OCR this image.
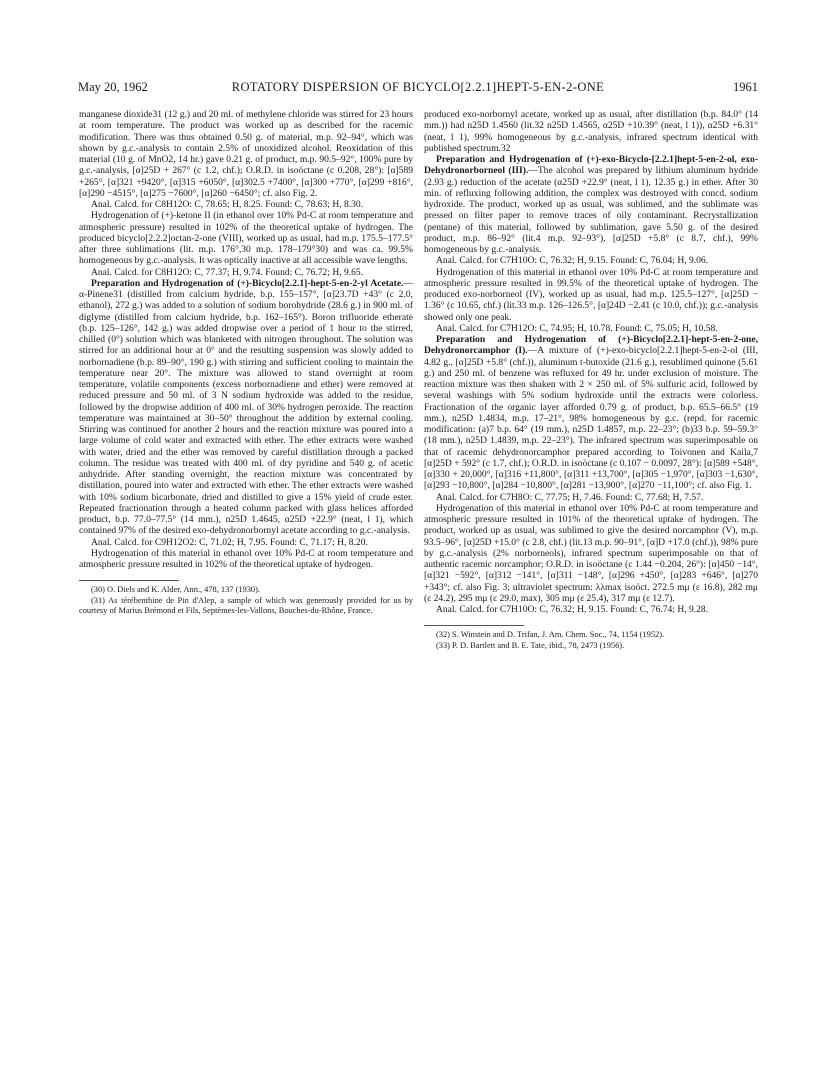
May 20, 1962	ROTATORY DISPERSION OF BICYCLO[2.2.1]HEPT-5-EN-2-ONE	1961

manganese dioxide31 (12 g.) and 20 ml. of methylene chloride was stirred for 23 hours at room temperature. The product was worked up as described for the racemic modification. There was thus obtained 0.50 g. of material, m.p. 92–94°, which was shown by g.c.-analysis to contain 2.5% of unoxidized alcohol. Reoxidation of this material (10 g. of MnO2, 14 hr.) gave 0.21 g. of product, m.p. 90.5–92°, 100% pure by g.c.-analysis, [α]25D + 267° (c 1.2, chf.); O.R.D. in isoöctane (c 0.208, 28°): [α]589 +265°, [α]321 +9420°, [α]315 +6050°, [α]302.5 +7400°, [α]300 +770°, [α]299 +816°, [α]290 −4515°, [α]275 −7600°, [α]260 −6450°; cf. also Fig. 2.

Anal. Calcd. for C8H12O: C, 78.65; H, 8.25. Found: C, 78.63; H, 8.30.

Hydrogenation of (+)-ketone II (in ethanol over 10% Pd-C at room temperature and atmospheric pressure) resulted in 102% of the theoretical uptake of hydrogen. The produced bicyclo[2.2.2]octan-2-one (VIII), worked up as usual, had m.p. 175.5–177.5° after three sublimations (lit. m.p. 176°,30 m.p. 178–179°30) and was ca. 99.5% homogeneous by g.c.-analysis. It was optically inactive at all accessible wave lengths.

Anal. Calcd. for C8H12O: C, 77.37; H, 9.74. Found: C, 76.72; H, 9.65.

Preparation and Hydrogenation of (+)-Bicyclo[2.2.1]-hept-5-en-2-yl Acetate.—α-Pinene31 (distilled from calcium hydride, b.p. 155–157°, [α]23.7D +43° (c 2.0, ethanol), 272 g.) was added to a solution of sodium borohydride (28.6 g.) in 900 ml. of diglyme (distilled from calcium hydride, b.p. 162–165°). Boron trifluoride etherate (b.p. 125–126°, 142 g.) was added dropwise over a period of 1 hour to the stirred, chilled (0°) solution which was blanketed with nitrogen throughout. The solution was stirred for an additional hour at 0° and the resulting suspension was slowly added to norbornadiene (b.p. 89–90°, 190 g.) with stirring and sufficient cooling to maintain the temperature near 20°. The mixture was allowed to stand overnight at room temperature, volatile components (excess norbornadiene and ether) were removed at reduced pressure and 50 ml. of 3 N sodium hydroxide was added to the residue, followed by the dropwise addition of 400 ml. of 30% hydrogen peroxide. The reaction temperature was maintained at 30–50° throughout the addition by external cooling. Stirring was continued for another 2 hours and the reaction mixture was poured into a large volume of cold water and extracted with ether. The ether extracts were washed with water, dried and the ether was removed by careful distillation through a packed column. The residue was treated with 400 ml. of dry pyridine and 540 g. of acetic anhydride. After standing overnight, the reaction mixture was concentrated by distillation, poured into water and extracted with ether. The ether extracts were washed with 10% sodium bicarbonate, dried and distilled to give a 15% yield of crude ester. Repeated fractionation through a heated column packed with glass helices afforded product, b.p. 77.0–77.5° (14 mm.), n25D 1.4645, α25D +22.9° (neat, l 1), which contained 97% of the desired exo-dehydronorbornyl acetate according to g.c.-analysis.

Anal. Calcd. for C9H12O2: C, 71.02; H, 7.95. Found: C, 71.17; H, 8.20.

Hydrogenation of this material in ethanol over 10% Pd-C at room temperature and atmospheric pressure resulted in 102% of the theoretical uptake of hydrogen.

(30) O. Diels and K. Alder, Ann., 478, 137 (1930).

(31) As térébenthine de Pin d'Alep, a sample of which was generously provided for us by courtesy of Marius Brémond et Fils, Septèmes-les-Vallons, Bouches-du-Rhône, France.

produced exo-norbornyl acetate, worked up as usual, after distillation (b.p. 84.0° (14 mm.)) had n25D 1.4560 (lit.32 n25D 1.4565, α25D +10.39° (neat, l 1)), α25D +6.31° (neat, l 1), 99% homogeneous by g.c.-analysis, infrared spectrum identical with published spectrum.32

Preparation and Hydrogenation of (+)-exo-Bicyclo-[2.2.1]hept-5-en-2-ol, exo-Dehydronorborneol (III).—The alcohol was prepared by lithium aluminum hydride (2.93 g.) reduction of the acetate (α25D +22.9° (neat, l 1), 12.35 g.) in ether. After 30 min. of refluxing following addition, the complex was destroyed with concd. sodium hydroxide. The product, worked up as usual, was sublimed, and the sublimate was pressed on filter paper to remove traces of oily contaminant. Recrystallization (pentane) of this material, followed by sublimation, gave 5.50 g. of the desired product, m.p. 86–92° (lit.4 m.p. 92–93°), [α]25D +5.8° (c 8.7, chf.), 99% homogeneous by g.c.-analysis.

Anal. Calcd. for C7H10O: C, 76.32; H, 9.15. Found: C, 76.04; H, 9.06.

Hydrogenation of this material in ethanol over 10% Pd-C at room temperature and atmospheric pressure resulted in 99.5% of the theoretical uptake of hydrogen. The produced exo-norborneol (IV), worked up as usual, had m.p. 125.5–127°, [α]25D − 1.36° (c 10.65, chf.) (lit.33 m.p. 126–126.5°, [α]24D −2.41 (c 10.0, chf.)); g.c.-analysis showed only one peak.

Anal. Calcd. for C7H12O: C, 74.95; H, 10.78. Found: C, 75.05; H, 10.58.

Preparation and Hydrogenation of (+)-Bicyclo[2.2.1]-hept-5-en-2-one, Dehydronorcamphor (I).—A mixture of (+)-exo-bicyclo[2.2.1]hept-5-en-2-ol (III, 4.82 g., [α]25D +5.8° (chf.)), aluminum t-butoxide (21.6 g.), resublimed quinone (5.61 g.) and 250 ml. of benzene was refluxed for 49 hr. under exclusion of moisture. The reaction mixture was then shaken with 2 × 250 ml. of 5% sulfuric acid, followed by several washings with 5% sodium hydroxide until the extracts were colorless. Fractionation of the organic layer afforded 0.79 g. of product, b.p. 65.5–66.5° (19 mm.), n25D 1.4834, m.p. 17–21°, 98% homogeneous by g.c. (repd. for racemic modification: (a)7 b.p. 64° (19 mm.), n25D 1.4857, m.p. 22–23°; (b)33 b.p. 59–59.3° (18 mm.), n25D 1.4839, m.p. 22–23°). The infrared spectrum was superimposable on that of racemic dehydronorcamphor prepared according to Toivonen and Kaila,7 [α]25D + 592° (c 1.7, chf.); O.R.D. in isoöctane (c 0.107 − 0.0097, 28°): [α]589 +548°, [α]330 + 20,000°, [α]316 +11,800°, [α]311 +13,700°, [α]305 −1,970°, [α]303 −1,630°, [α]293 −10,800°, [α]284 −10,800°, [α]281 −13,900°, [α]270 −11,100°; cf. also Fig. 1.

Anal. Calcd. for C7H8O: C, 77.75; H, 7.46. Found: C, 77.68; H, 7.57.

Hydrogenation of this material in ethanol over 10% Pd-C at room temperature and atmospheric pressure resulted in 101% of the theoretical uptake of hydrogen. The product, worked up as usual, was sublimed to give the desired norcamphor (V), m.p. 93.5–96°, [α]25D +15.0° (c 2.8, chf.) (lit.13 m.p. 90–91°, [α]D +17.0 (chf.)), 98% pure by g.c.-analysis (2% norborneols), infrared spectrum superimposable on that of authentic racemic norcamphor; O.R.D. in isoöctane (c 1.44 −0.204, 26°): [α]450 −14°, [α]321 −592°, [α]312 −141°, [α]311 −148°, [α]296 +450°, [α]283 +646°, [α]270 +343°; cf. also Fig. 3; ultraviolet spectrum: λλmax isoöct. 272.5 mμ (ε 16.8), 282 mμ (ε 24.2), 295 mμ (ε 29.0, max), 305 mμ (ε 25.4), 317 mμ (ε 12.7).

Anal. Calcd. for C7H10O: C, 76.32; H, 9.15. Found: C, 76.74; H, 9.28.

(32) S. Winstein and D. Trifan, J. Am. Chem. Soc., 74, 1154 (1952).

(33) P. D. Bartlett and B. E. Tate, ibid., 78, 2473 (1956).
